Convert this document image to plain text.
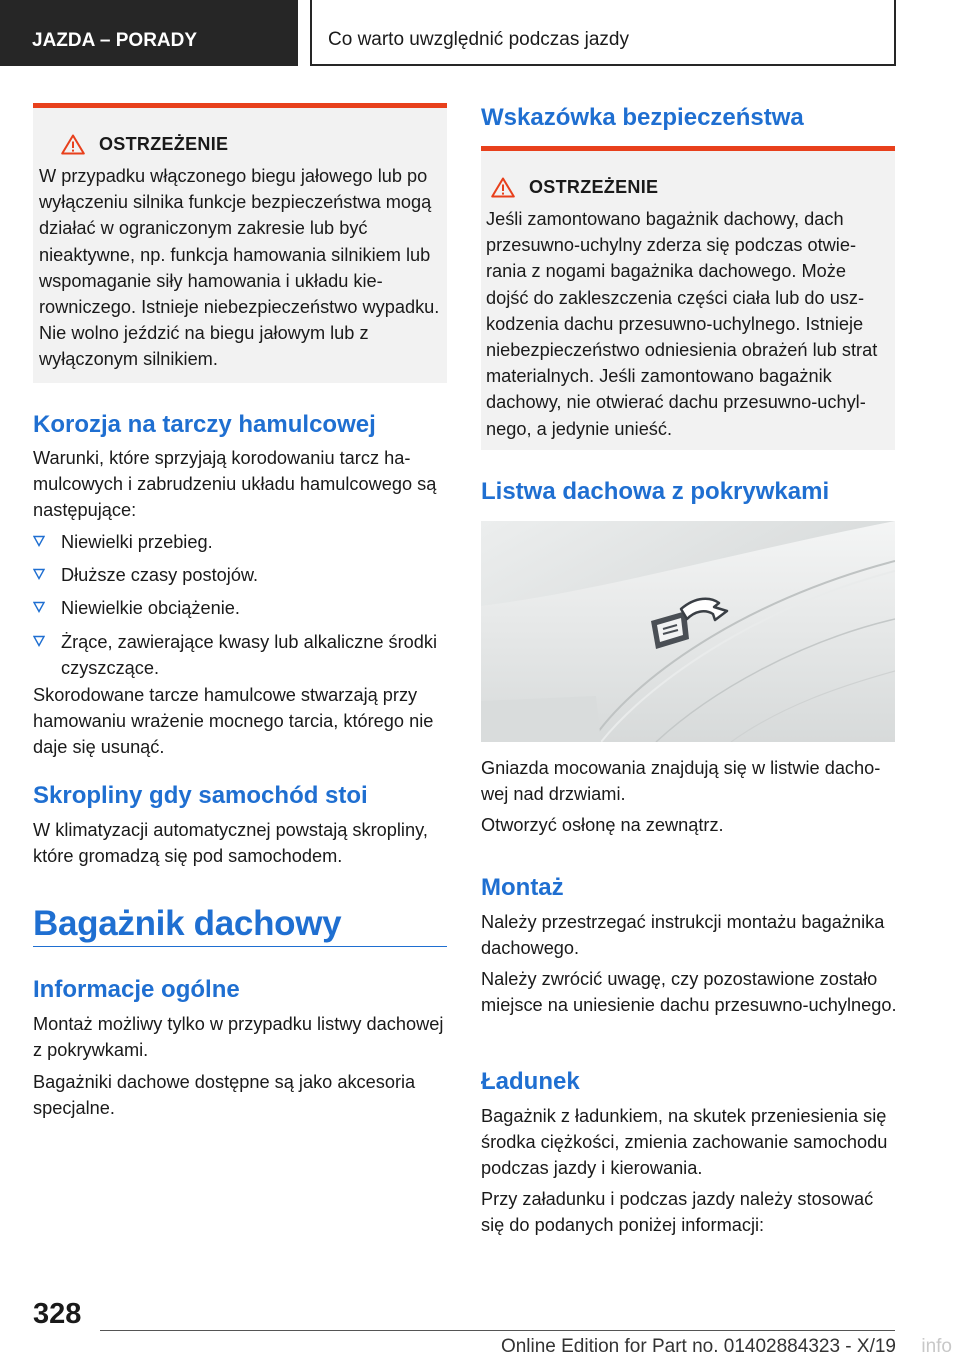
JAZDA – PORADY	Co warto uwzględnić podczas jazdy
OSTRZEŻENIE
W przypadku włączonego biegu jałowego lub po wyłączeniu silnika funkcje bezpieczeństwa mogą działać w ograniczonym zakresie lub być nieaktywne, np. funkcja hamowania silnikiem lub wspomaganie siły hamowania i układu kierowniczego. Istnieje niebezpieczeństwo wypadku. Nie wolno jeździć na biegu jałowym lub z wyłączonym silnikiem.
Korozja na tarczy hamulcowej
Warunki, które sprzyjają korodowaniu tarcz hamulcowych i zabrudzeniu układu hamulcowego są następujące:
Niewielki przebieg.
Dłuższe czasy postojów.
Niewielkie obciążenie.
Żrące, zawierające kwasy lub alkaliczne środki czyszczące.
Skorodowane tarcze hamulcowe stwarzają przy hamowaniu wrażenie mocnego tarcia, którego nie daje się usunąć.
Skropliny gdy samochód stoi
W klimatyzacji automatycznej powstają skropliny, które gromadzą się pod samochodem.
Bagażnik dachowy
Informacje ogólne
Montaż możliwy tylko w przypadku listwy dachowej z pokrywkami.
Bagażniki dachowe dostępne są jako akcesoria specjalne.
Wskazówka bezpieczeństwa
OSTRZEŻENIE
Jeśli zamontowano bagażnik dachowy, dach przesuwno-uchylny zderza się podczas otwierania z nogami bagażnika dachowego. Może dojść do zakleszczenia części ciała lub do uszkodzenia dachu przesuwno-uchylnego. Istnieje niebezpieczeństwo odniesienia obrażeń lub strat materialnych. Jeśli zamontowano bagażnik dachowy, nie otwierać dachu przesuwno-uchylnego, a jedynie unieść.
Listwa dachowa z pokrywkami
Gniazda mocowania znajdują się w listwie dachowej nad drzwiami.
Otworzyć osłonę na zewnątrz.
Montaż
Należy przestrzegać instrukcji montażu bagażnika dachowego.
Należy zwrócić uwagę, czy pozostawione zostało miejsce na uniesienie dachu przesuwno-uchylnego.
Ładunek
Bagażnik z ładunkiem, na skutek przeniesienia się środka ciężkości, zmienia zachowanie samochodu podczas jazdy i kierowania.
Przy załadunku i podczas jazdy należy stosować się do podanych poniżej informacji:
328
Online Edition for Part no. 01402884323 - X/19 info
